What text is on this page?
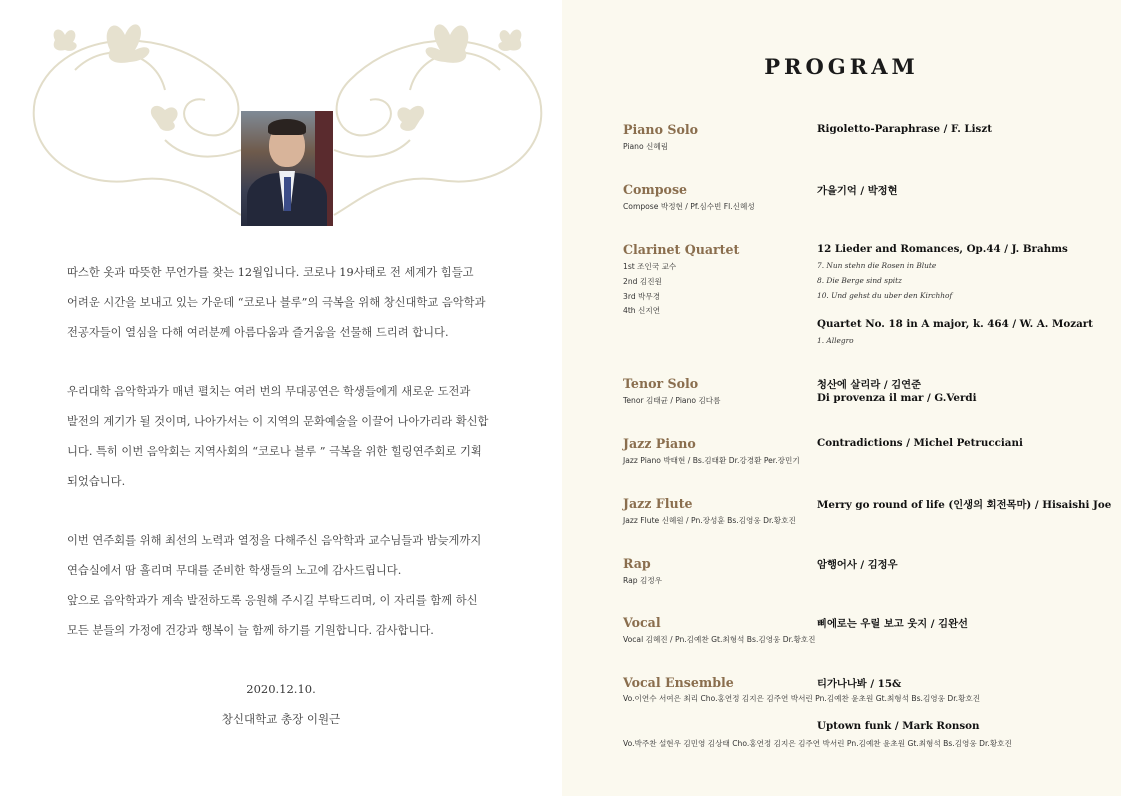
따스한 옷과 따뜻한 무언가를 찾는 12월입니다. 코로나 19사태로 전 세계가 힘들고

어려운 시간을 보내고 있는 가운데 “코로나 블루”의 극복을 위해 창신대학교 음악학과

전공자들이 열심을 다해 여러분께 아름다움과 즐거움을 선물해 드리려 합니다.

우리대학 음악학과가 매년 펼치는 여러 번의 무대공연은 학생들에게 새로운 도전과

발전의 계기가 될 것이며, 나아가서는 이 지역의 문화예술을 이끌어 나아가리라 확신합

니다. 특히 이번 음악회는 지역사회의 “코로나 블루 ” 극복을 위한 힐링연주회로 기획

되었습니다.

이번 연주회를 위해 최선의 노력과 열정을 다해주신 음악학과 교수님들과 밤늦게까지

연습실에서 땀 흘리며 무대를 준비한 학생들의 노고에 감사드립니다.

앞으로 음악학과가 계속 발전하도록 응원해 주시길 부탁드리며, 이 자리를 함께 하신

모든 분들의 가정에 건강과 행복이 늘 함께 하기를 기원합니다. 감사합니다.

2020.12.10.
창신대학교 총장 이원근
PROGRAM
Piano Solo
Piano 신혜림
Rigoletto-Paraphrase / F. Liszt
Compose
Compose 박정현 / Pf.심수빈 Fl.신혜성
가을기억 / 박정현
Clarinet Quartet
1st 조인국 교수
2nd 김진원
3rd 박무경
4th 신지연
12 Lieder and Romances, Op.44 / J. Brahms
7. Nun stehn die Rosen in Blute
8. Die Berge sind spitz
10. Und gehst du uber den Kirchhof
Quartet No. 18 in A major, k. 464 / W. A. Mozart
1. Allegro
Tenor Solo
Tenor 김태균 / Piano 김다름
청산에 살리라 / 김연준
Di provenza il mar / G.Verdi
Jazz Piano
Jazz Piano 박태현 / Bs.김태환 Dr.강경환 Per.장민기
Contradictions / Michel Petrucciani
Jazz Flute
Jazz Flute 신혜원 / Pn.장성훈 Bs.김영웅 Dr.황호진
Merry go round of life (인생의 회전목마) / Hisaishi Joe
Rap
Rap 김정우
암행어사 / 김정우
Vocal
Vocal 김혜진 / Pn.김예찬 Gt.최형석 Bs.김영웅 Dr.황호진
삐에로는 우릴 보고 웃지 / 김완선
Vocal Ensemble
Vo.이연수 서여은 최리 Cho.홍연정 김지은 김주연 박서린 Pn.김예찬 윤초원 Gt.최형석 Bs.김영웅 Dr.황호진
티가나나봐 / 15&
Uptown funk / Mark Ronson
Vo.박주찬 설현우 김민영 김상태 Cho.홍연정 김지은 김주연 박서린 Pn.김예찬 윤초원 Gt.최형석 Bs.김영웅 Dr.황호진
